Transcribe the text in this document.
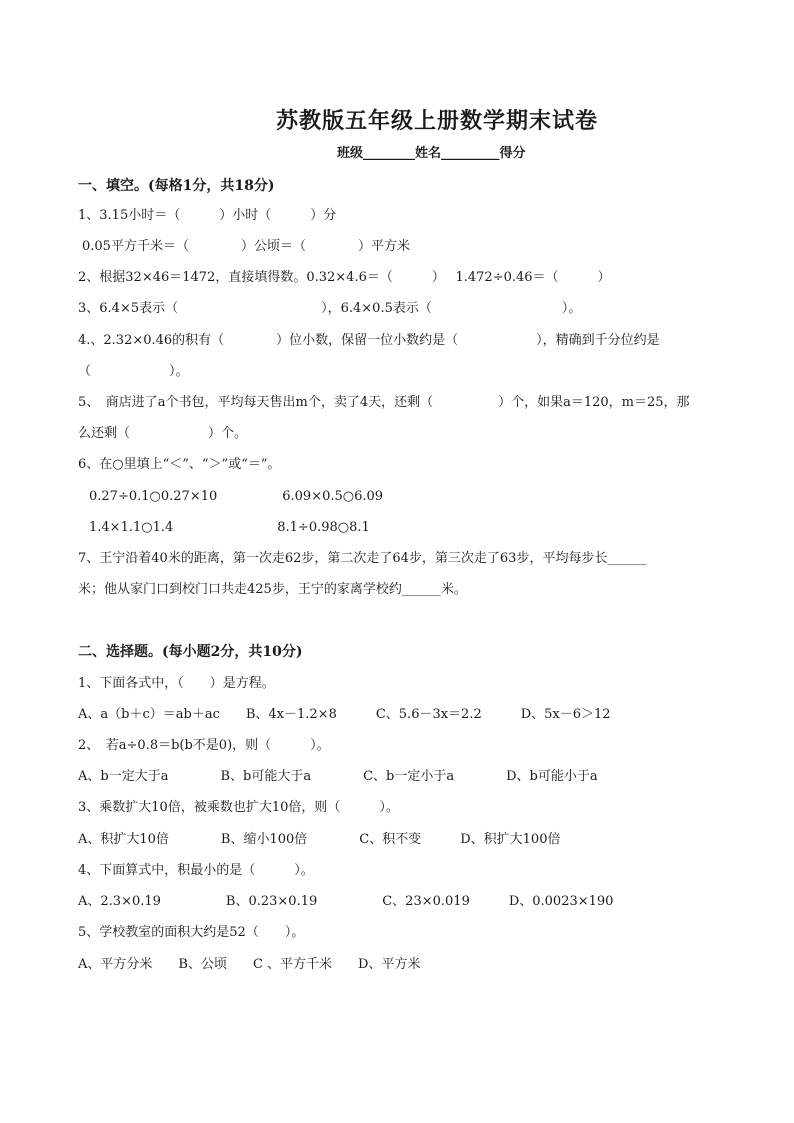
苏教版五年级上册数学期末试卷
班级________姓名_________得分
一、填空。(每格1分，共18分)
1、3.15小时＝（　　　）小时（　　　）分
0.05平方千米＝（　　　　）公顷＝（　　　　）平方米
2、根据32×46＝1472，直接填得数。0.32×4.6＝（　　　）　 1.472÷0.46＝（　　　）
3、6.4×5表示（　　　　　　　　　　　），6.4×0.5表示（　　　　　　　　　　）。
4.、2.32×0.46的积有（　　　　）位小数，保留一位小数约是（　　　　　　），精确到千分位约是
（　　　　　　）。
5、　商店进了a个书包，平均每天售出m个，卖了4天，还剩（　　　　　）个，如果a＝120，m＝25，那
么还剩（　　　　　　）个。
6、在○里填上“＜”、“＞”或“＝”。
0.27÷0.1○0.27×10　　　　　6.09×0.5○6.09
1.4×1.1○1.4　　　　　　　　8.1÷0.98○8.1
7、王宁沿着40米的距离，第一次走62步，第二次走了64步，第三次走了63步，平均每步长______
米；他从家门口到校门口共走425步，王宁的家离学校约______米。
二、选择题。(每小题2分，共10分)
1、下面各式中，（　　）是方程。
A、a（b＋c）＝ab＋ac　　B、4x－1.2×8　　　C、5.6－3x＝2.2　　　D、5x－6＞12
2、　若a÷0.8＝b(b不是0)，则（　　　）。
A、b一定大于a　　　　B、b可能大于a　　　　C、b一定小于a　　　　D、b可能小于a
3、乘数扩大10倍，被乘数也扩大10倍，则（　　　）。
A、积扩大10倍　　　　B、缩小100倍　　　　C、积不变　　　D、积扩大100倍
4、下面算式中，积最小的是（　　　）。
A、2.3×0.19　　　　　B、0.23×0.19　　　　　C、23×0.019　　　D、0.0023×190
5、学校教室的面积大约是52（　　）。
A、平方分米　　B、公顷　　C 、平方千米　　D、平方米
